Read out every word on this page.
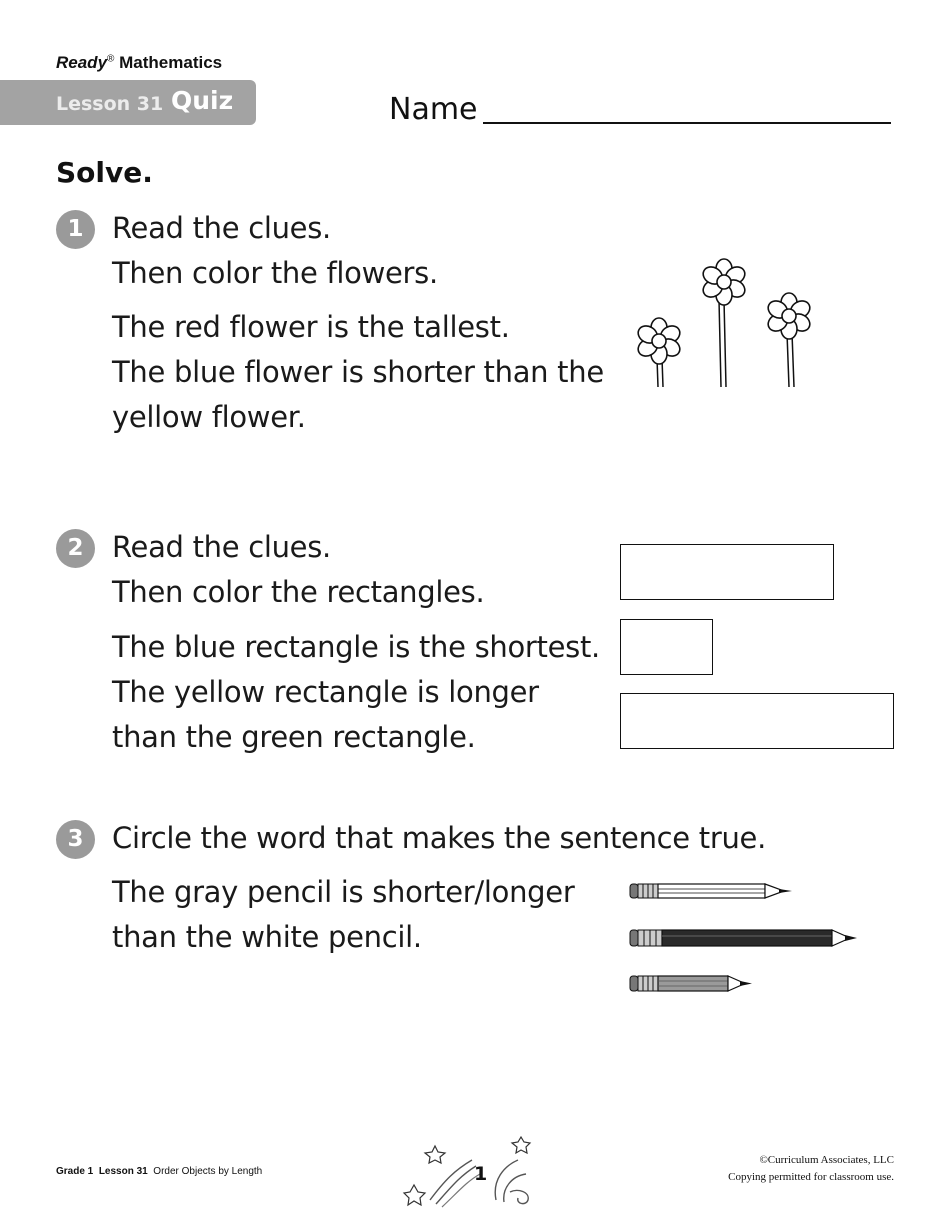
Ready® Mathematics
Lesson 31 Quiz	Name
Solve.
1 Read the clues.
Then color the flowers.
The red flower is the tallest.
The blue flower is shorter than the
yellow flower.
2 Read the clues.
Then color the rectangles.
The blue rectangle is the shortest.
The yellow rectangle is longer
than the green rectangle.
3 Circle the word that makes the sentence true.
The gray pencil is shorter/longer
than the white pencil.
Grade 1 Lesson 31 Order Objects by Length	1
©Curriculum Associates, LLC
Copying permitted for classroom use.
